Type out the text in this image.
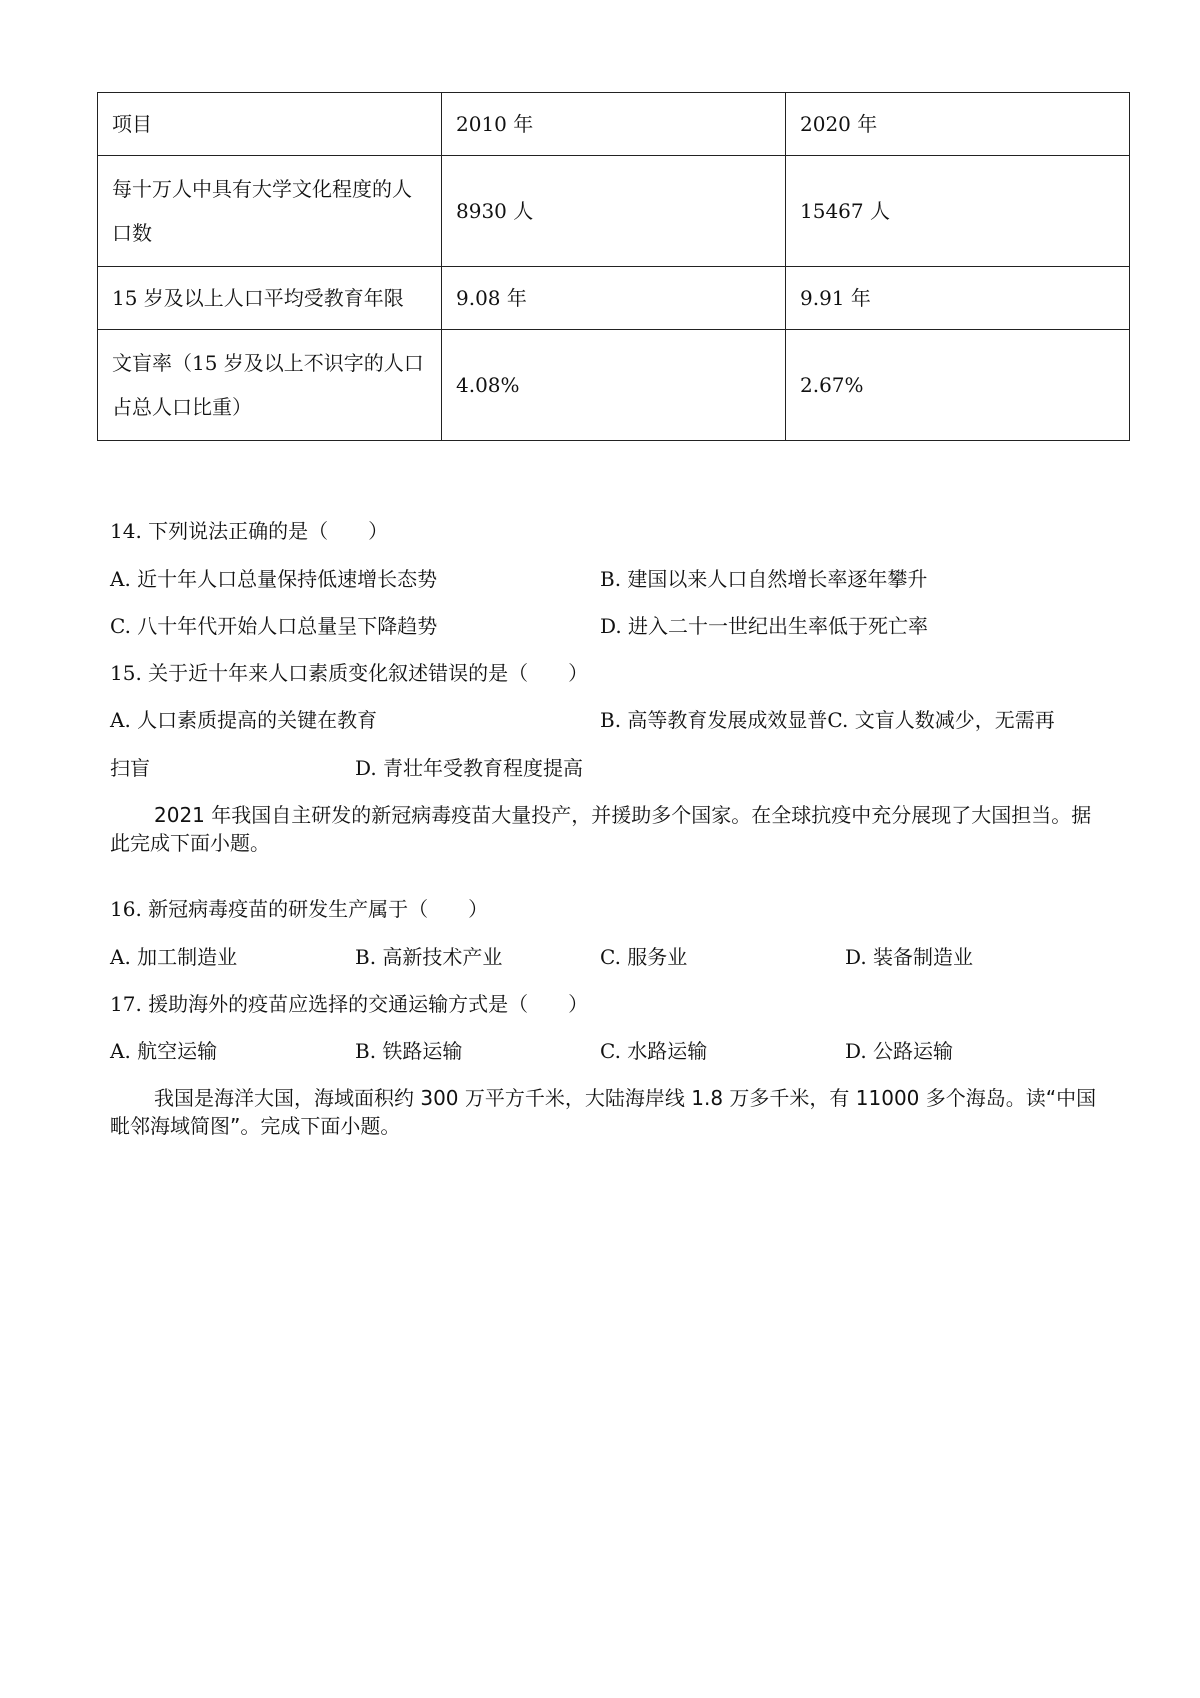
项目	2010 年	2020 年
每十万人中具有大学文化程度的人口数	8930 人	15467 人
15 岁及以上人口平均受教育年限	9.08 年	9.91 年
文盲率（15 岁及以上不识字的人口占总人口比重）	4.08%	2.67%
14. 下列说法正确的是（　　）
A. 近十年人口总量保持低速增长态势	B. 建国以来人口自然增长率逐年攀升
C. 八十年代开始人口总量呈下降趋势	D. 进入二十一世纪出生率低于死亡率
15. 关于近十年来人口素质变化叙述错误的是（　　）
A. 人口素质提高的关键在教育	B. 高等教育发展成效显普C. 文盲人数减少，无需再
扫盲	D. 青壮年受教育程度提高
2021 年我国自主研发的新冠病毒疫苗大量投产，并援助多个国家。在全球抗疫中充分展现了大国担当。据此完成下面小题。
16. 新冠病毒疫苗的研发生产属于（　　）
A. 加工制造业	B. 高新技术产业	C. 服务业	D. 装备制造业
17. 援助海外的疫苗应选择的交通运输方式是（　　）
A. 航空运输	B. 铁路运输	C. 水路运输	D. 公路运输
我国是海洋大国，海域面积约 300 万平方千米，大陆海岸线 1.8 万多千米，有 11000 多个海岛。读“中国毗邻海域简图”。完成下面小题。
